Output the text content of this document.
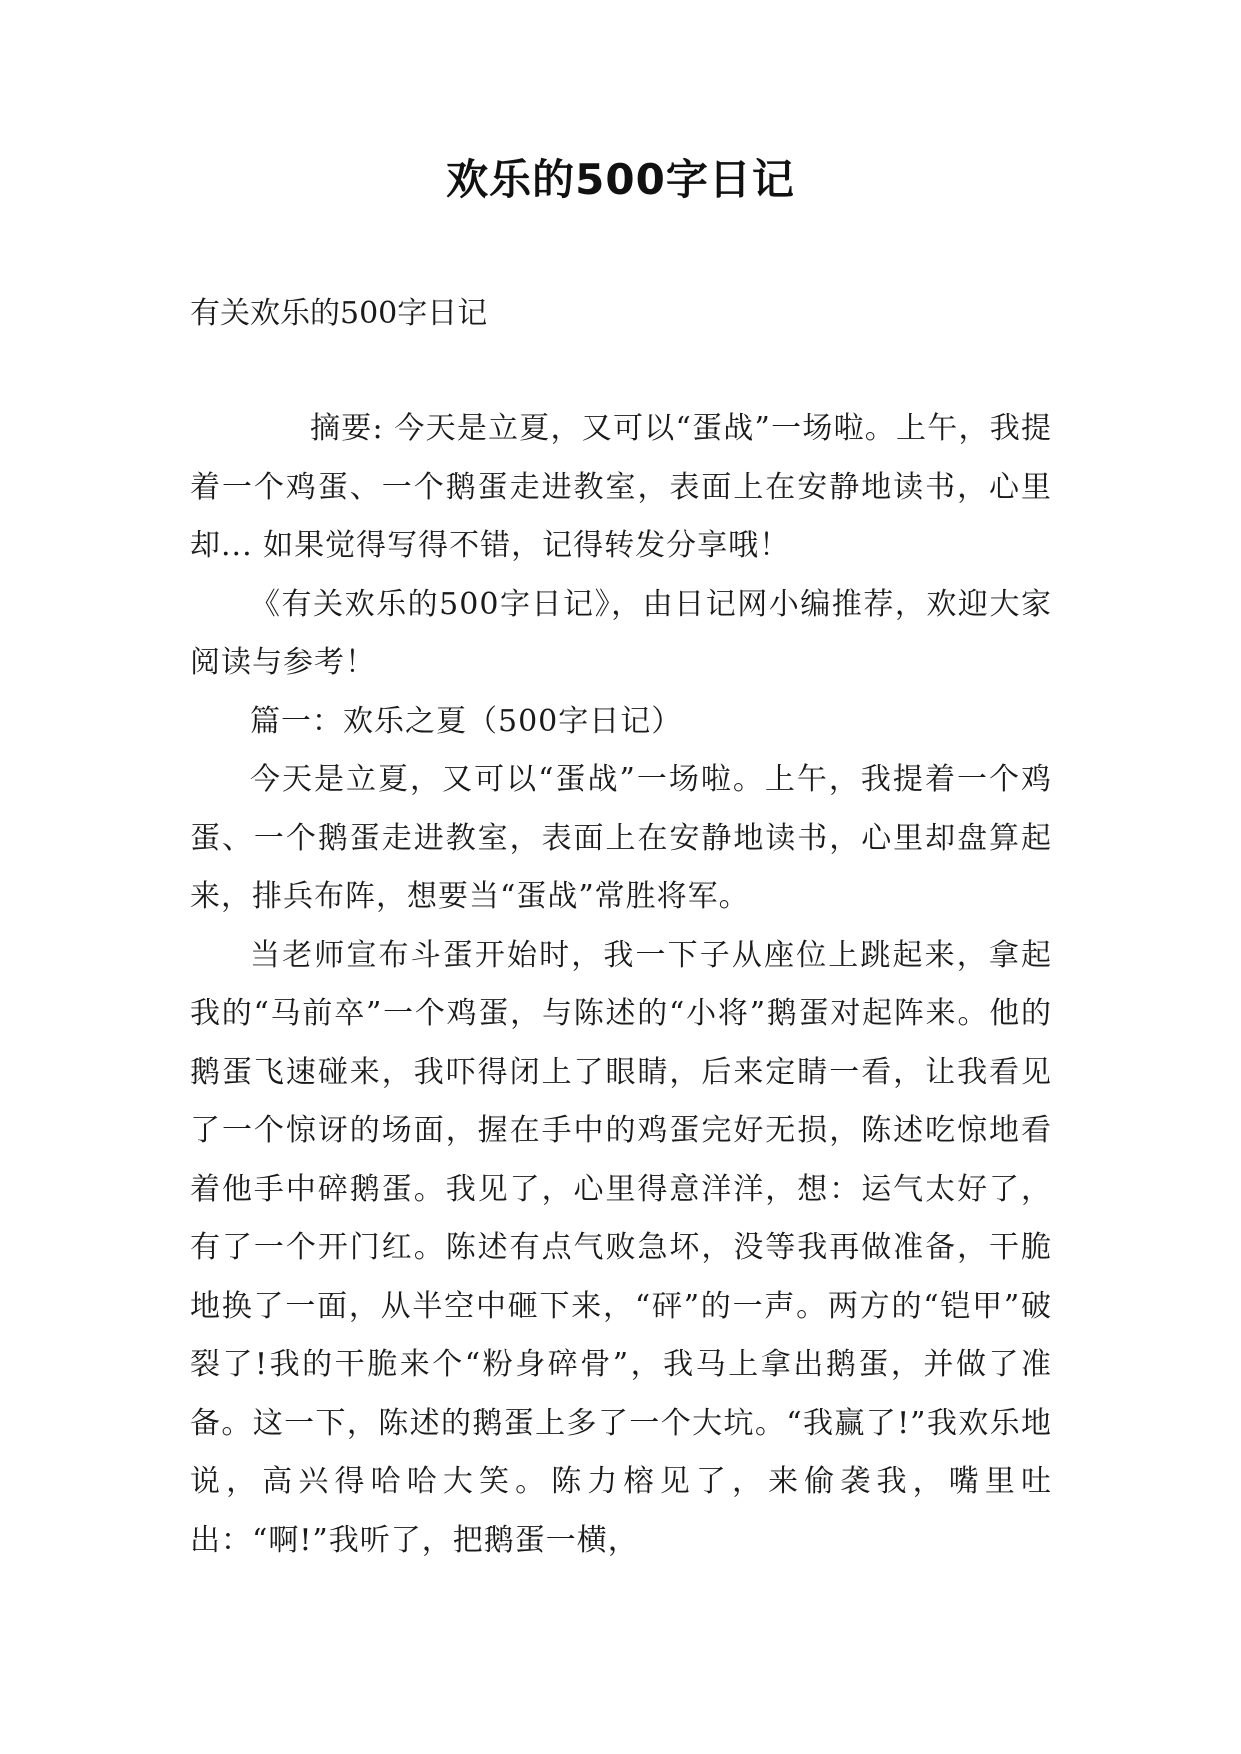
欢乐的500字日记
有关欢乐的500字日记

摘要: 今天是立夏，又可以“蛋战”一场啦。上午，我提着一个鸡蛋、一个鹅蛋走进教室，表面上在安静地读书，心里却... 如果觉得写得不错，记得转发分享哦！

《有关欢乐的500字日记》，由日记网小编推荐，欢迎大家阅读与参考！

篇一：欢乐之夏（500字日记）

今天是立夏，又可以“蛋战”一场啦。上午，我提着一个鸡蛋、一个鹅蛋走进教室，表面上在安静地读书，心里却盘算起来，排兵布阵，想要当“蛋战”常胜将军。

当老师宣布斗蛋开始时，我一下子从座位上跳起来，拿起我的“马前卒”一个鸡蛋，与陈述的“小将”鹅蛋对起阵来。他的鹅蛋飞速碰来，我吓得闭上了眼睛，后来定睛一看，让我看见了一个惊讶的场面，握在手中的鸡蛋完好无损，陈述吃惊地看着他手中碎鹅蛋。我见了，心里得意洋洋，想：运气太好了，有了一个开门红。陈述有点气败急坏，没等我再做准备，干脆地换了一面，从半空中砸下来，“砰”的一声。两方的“铠甲”破裂了!我的干脆来个“粉身碎骨”，我马上拿出鹅蛋，并做了准备。这一下，陈述的鹅蛋上多了一个大坑。“我赢了!”我欢乐地说，高兴得哈哈大笑。陈力榕见了，来偷袭我，嘴里吐出：“啊!”我听了，把鹅蛋一横，
